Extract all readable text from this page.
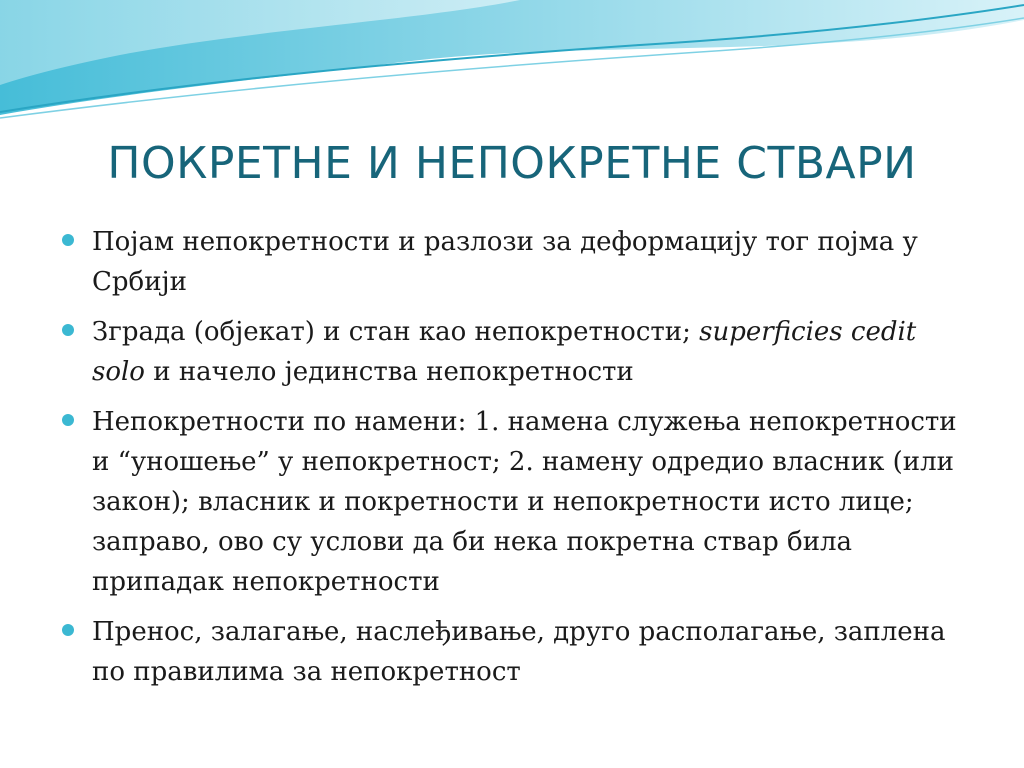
ПОКРЕТНЕ И НЕПОКРЕТНЕ СТВАРИ
Појам непокретности и разлози за деформацију тог појма у Србији
Зграда (објекат) и стан као непокретности; superficies cedit solo и начело јединства непокретности
Непокретности по намени: 1. намена служења непокретности и “уношење” у непокретност; 2. намену одредио власник (или закон); власник и покретности и непокретности исто лице; заправо, ово су услови да би нека покретна ствар била припадак непокретности
Пренос, залагање, наслеђивање, друго располагање, заплена по правилима за непокретност
